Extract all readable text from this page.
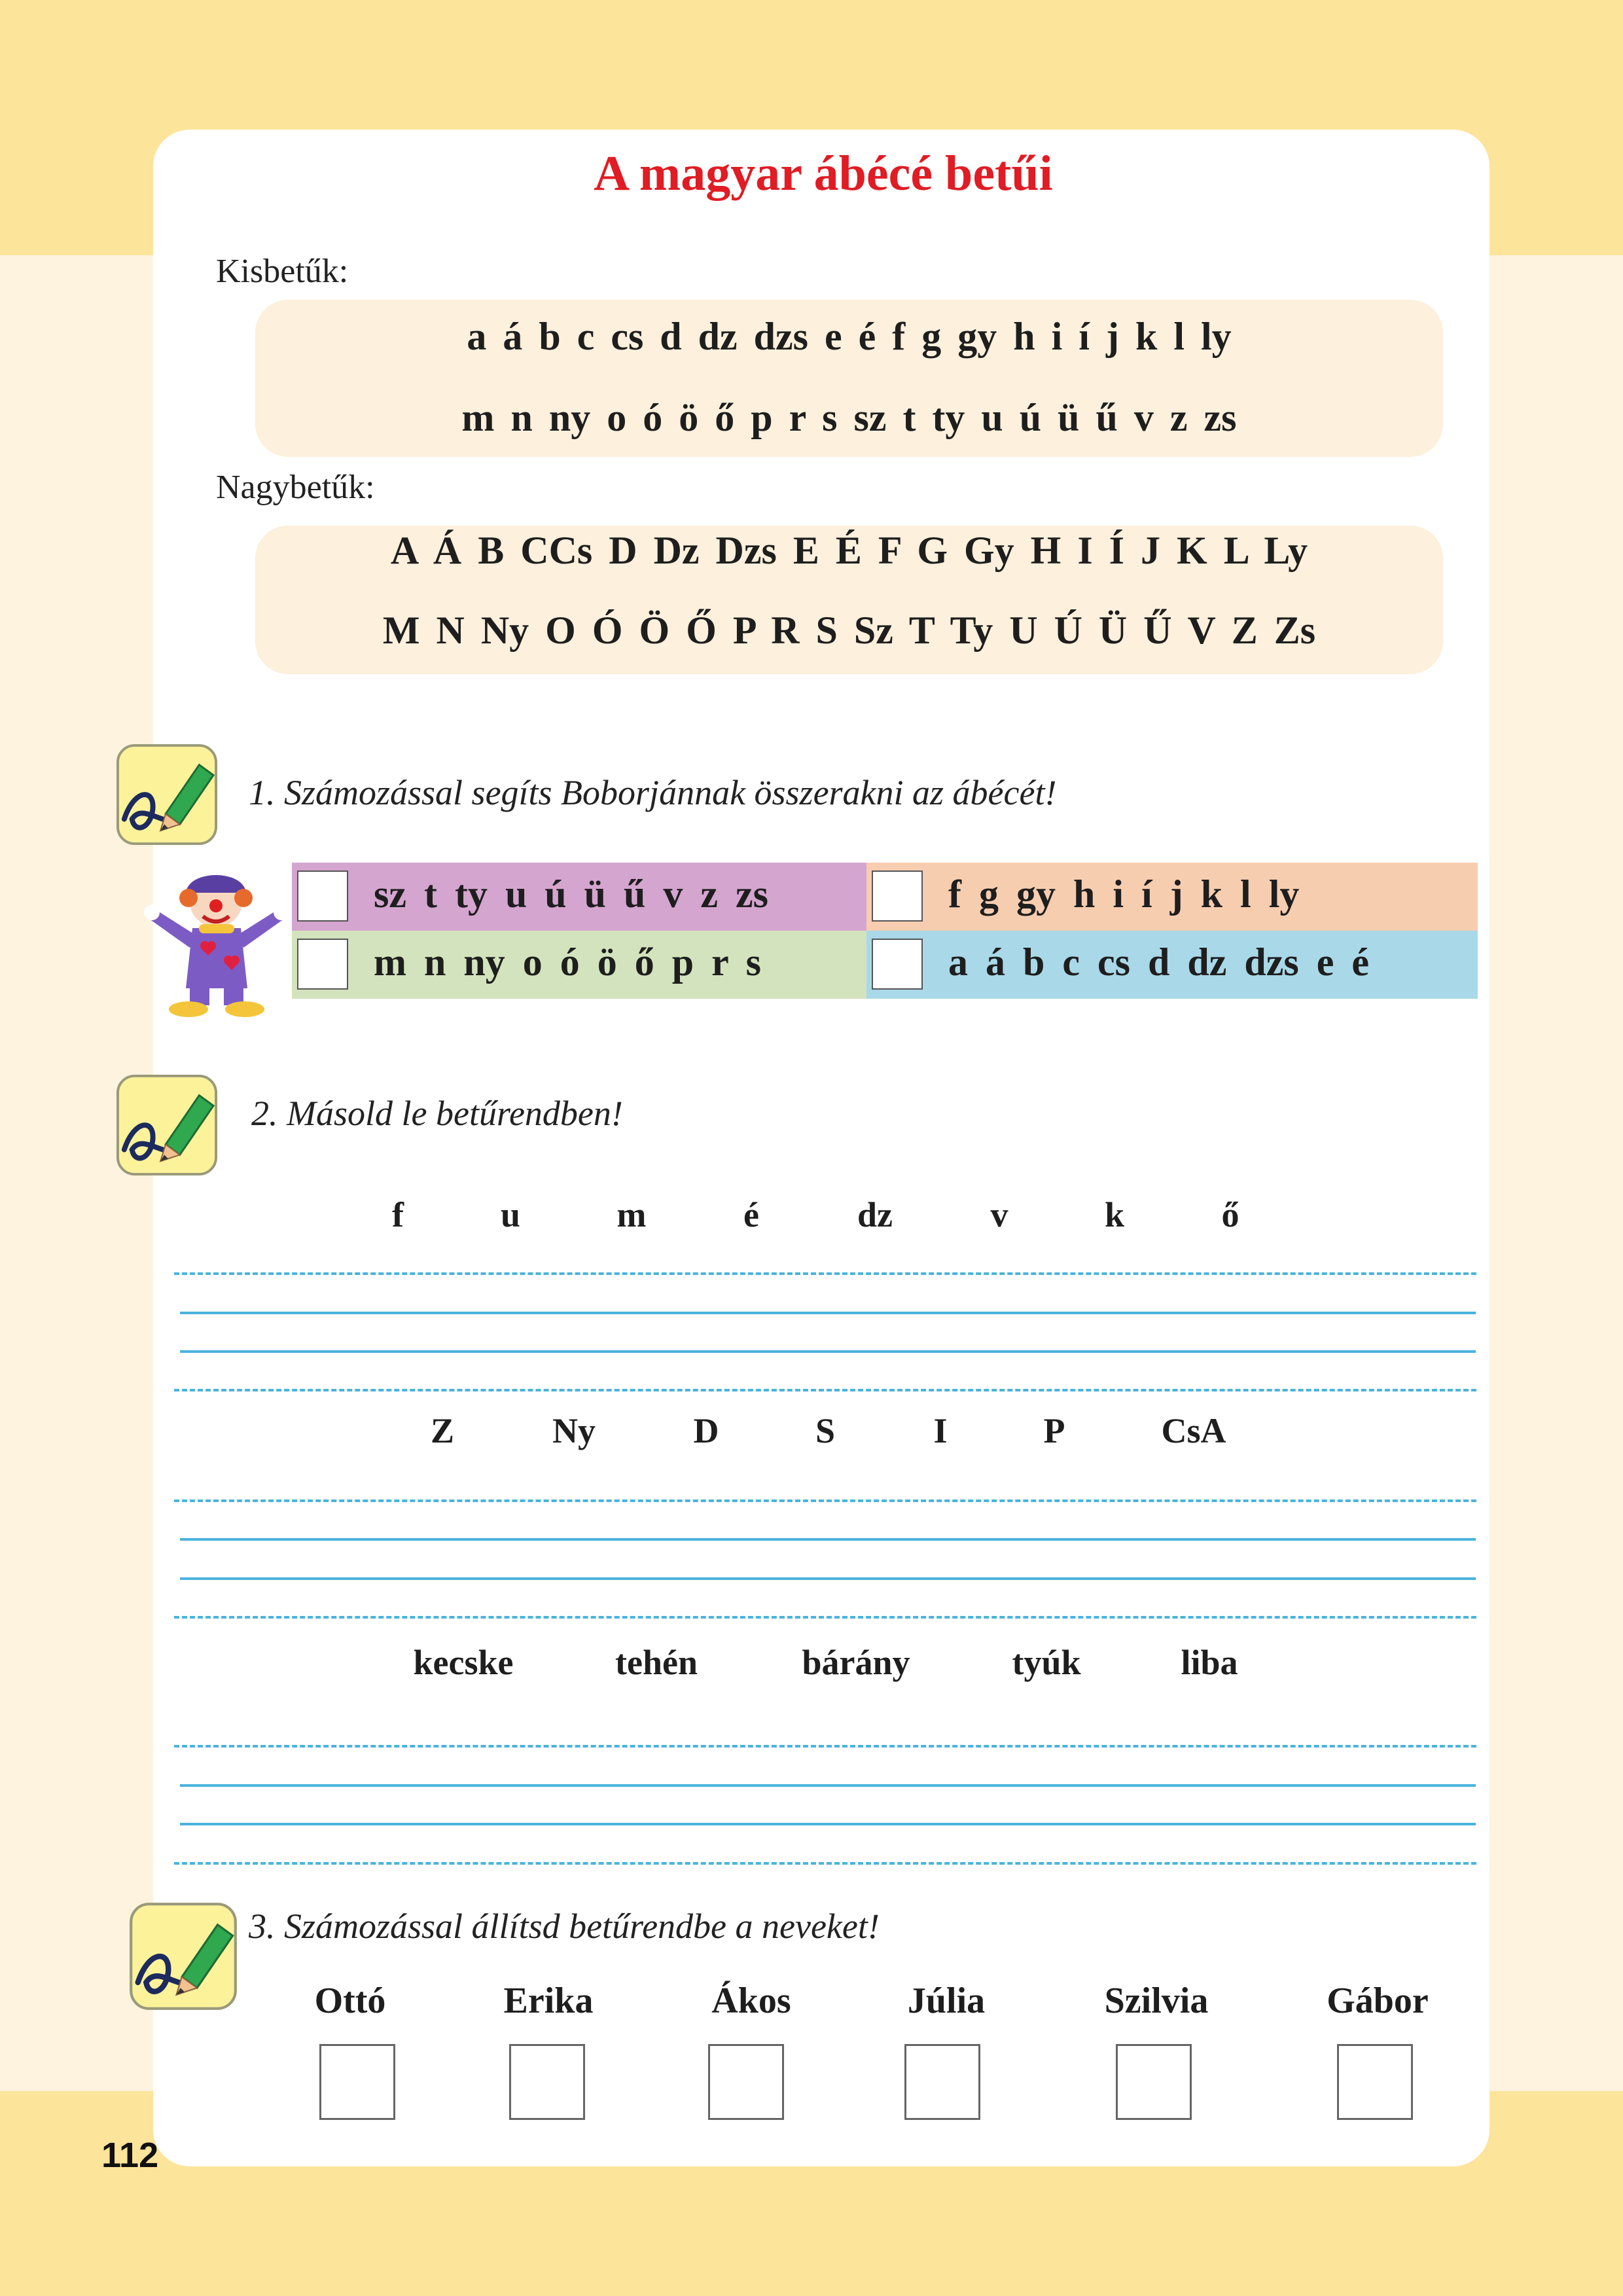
A magyar ábécé betűi
Kisbetűk:
a á b c cs d dz dzs e é f g gy h i í j k l ly
m n ny o ó ö ő p r s sz t ty u ú ü ű v z zs
Nagybetűk:
A Á B CCs D Dz Dzs E É F G Gy H I Í J K L Ly
M N Ny O Ó Ö Ő P R S Sz T Ty U Ú Ü Ű V Z Zs
1. Számozással segíts Boborjánnak összerakni az ábécét!
sz t ty u ú ü ű v z zs	f g gy h i í j k l ly
m n ny o ó ö ő p r s	a á b c cs d dz dzs e é
2. Másold le betűrendben!
f	u	m	é	dz	v	k	ő
Z	Ny	D	S	I	P	CsA
kecske	tehén	bárány	tyúk	liba
3. Számozással állítsd betűrendbe a neveket!
Ottó	Erika	Ákos	Júlia	Szilvia	Gábor
112
